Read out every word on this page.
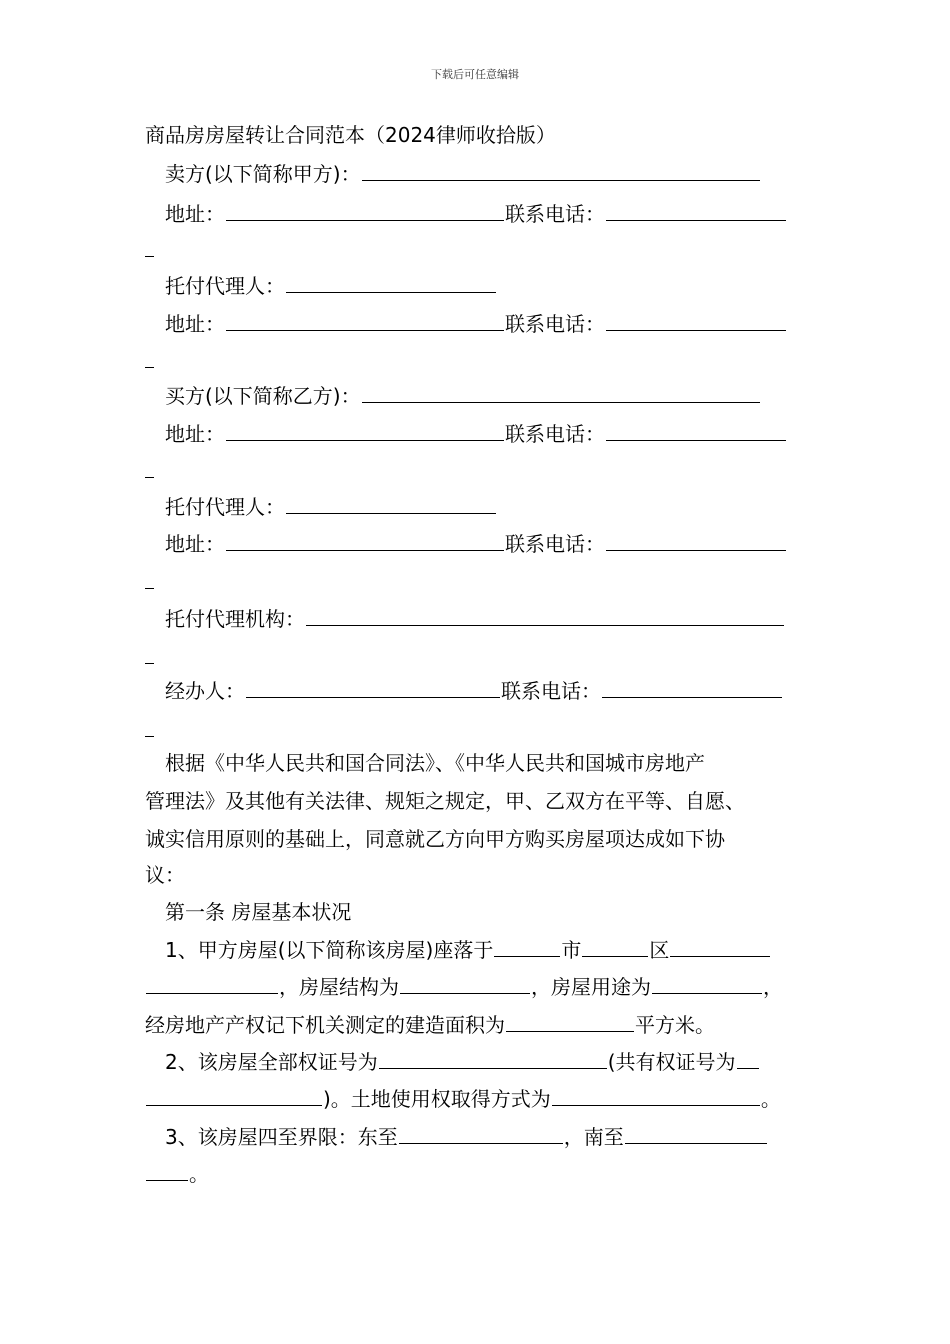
下载后可任意编辑
商品房房屋转让合同范本（2024律师收拾版）
卖方(以下简称甲方)：
地址：	联系电话：
托付代理人：
地址：	联系电话：
买方(以下简称乙方)：
地址：	联系电话：
托付代理人：
地址：	联系电话：
托付代理机构：
经办人：	联系电话：
根据《中华人民共和国合同法》、《中华人民共和国城市房地产
管理法》及其他有关法律、规矩之规定，甲、乙双方在平等、自愿、
诚实信用原则的基础上，同意就乙方向甲方购买房屋项达成如下协
议：
第一条 房屋基本状况
1、甲方房屋(以下简称该房屋)座落于	市	区
，房屋结构为	，房屋用途为	，
经房地产产权记下机关测定的建造面积为	平方米。
2、该房屋全部权证号为	(共有权证号为
)。土地使用权取得方式为	。
3、该房屋四至界限：东至	，南至
。
